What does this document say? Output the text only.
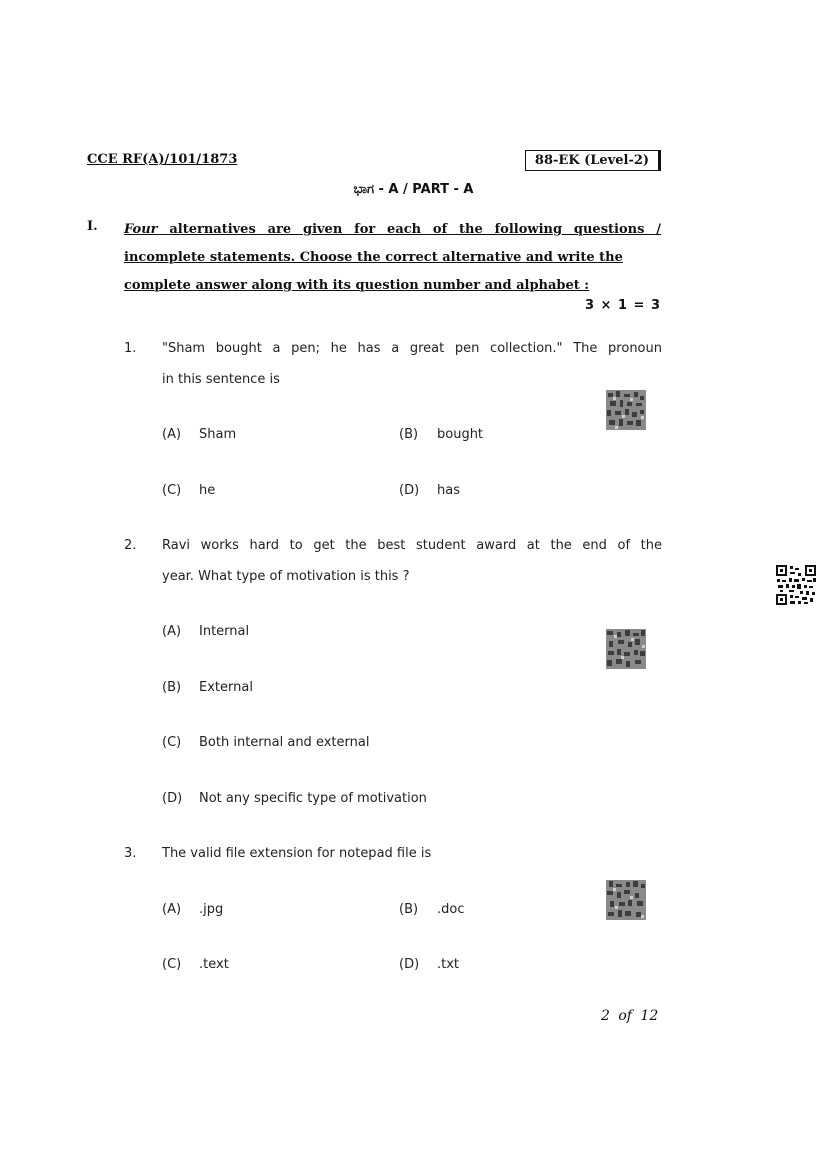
CCE RF(A)/101/1873	88-EK (Level-2)
ಭಾಗ - A / PART - A
I. Four alternatives are given for each of the following questions /
incomplete statements. Choose the correct alternative and write the
complete answer along with its question number and alphabet :
3 × 1 = 3
1. "Sham bought a pen; he has a great pen collection." The pronoun
in this sentence is
(A)	Sham	(B)	bought
(C)	he	(D)	has
2. Ravi works hard to get the best student award at the end of the
year. What type of motivation is this ?
(A)	Internal
(B)	External
(C)	Both internal and external
(D)	Not any specific type of motivation
3. The valid file extension for notepad file is
(A)	.jpg	(B)	.doc
(C)	.text	(D)	.txt
2 of 12
